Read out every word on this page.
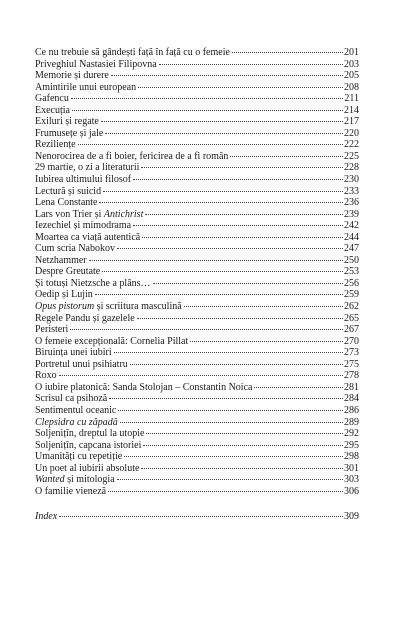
Ce nu trebuie să gândești față în față cu o femeie	201
Priveghiul Nastasiei Filipovna	203
Memorie și durere	205
Amintirile unui european	208
Gafencu	211
Execuția	214
Exiluri și regate	217
Frumusețe și jale	220
Reziliențe	222
Nenorocirea de a fi boier, fericirea de a fi român	225
29 martie, o zi a literaturii	228
Iubirea ultimului filosof	230
Lectură și suicid	233
Lena Constante	236
Lars von Trier și Antichrist	239
Iezechiel și mimodrama	242
Moartea ca viață autentică	244
Cum scria Nabokov	247
Netzhammer	250
Despre Greutate	253
Și totuși Nietzsche a plâns…	256
Oedip și Lujin	259
Opus pistorum și scriitura masculină	262
Regele Pandu și gazelele	265
Peristeri	267
O femeie excepțională: Cornelia Pillat	270
Biruința unei iubiri	273
Portretul unui psihiatru	275
Roxo	278
O iubire platonică: Sanda Stolojan – Constantin Noica	281
Scrisul ca psihoză	284
Sentimentul oceanic	286
Clepsidra cu zăpadă	289
Soljenițîn, dreptul la utopie	292
Soljenițîn, capcana istoriei	295
Umanități cu repetiție	298
Un poet al iubirii absolute	301
Wanted și mitologia	303
O familie vieneză	306
Index	309
